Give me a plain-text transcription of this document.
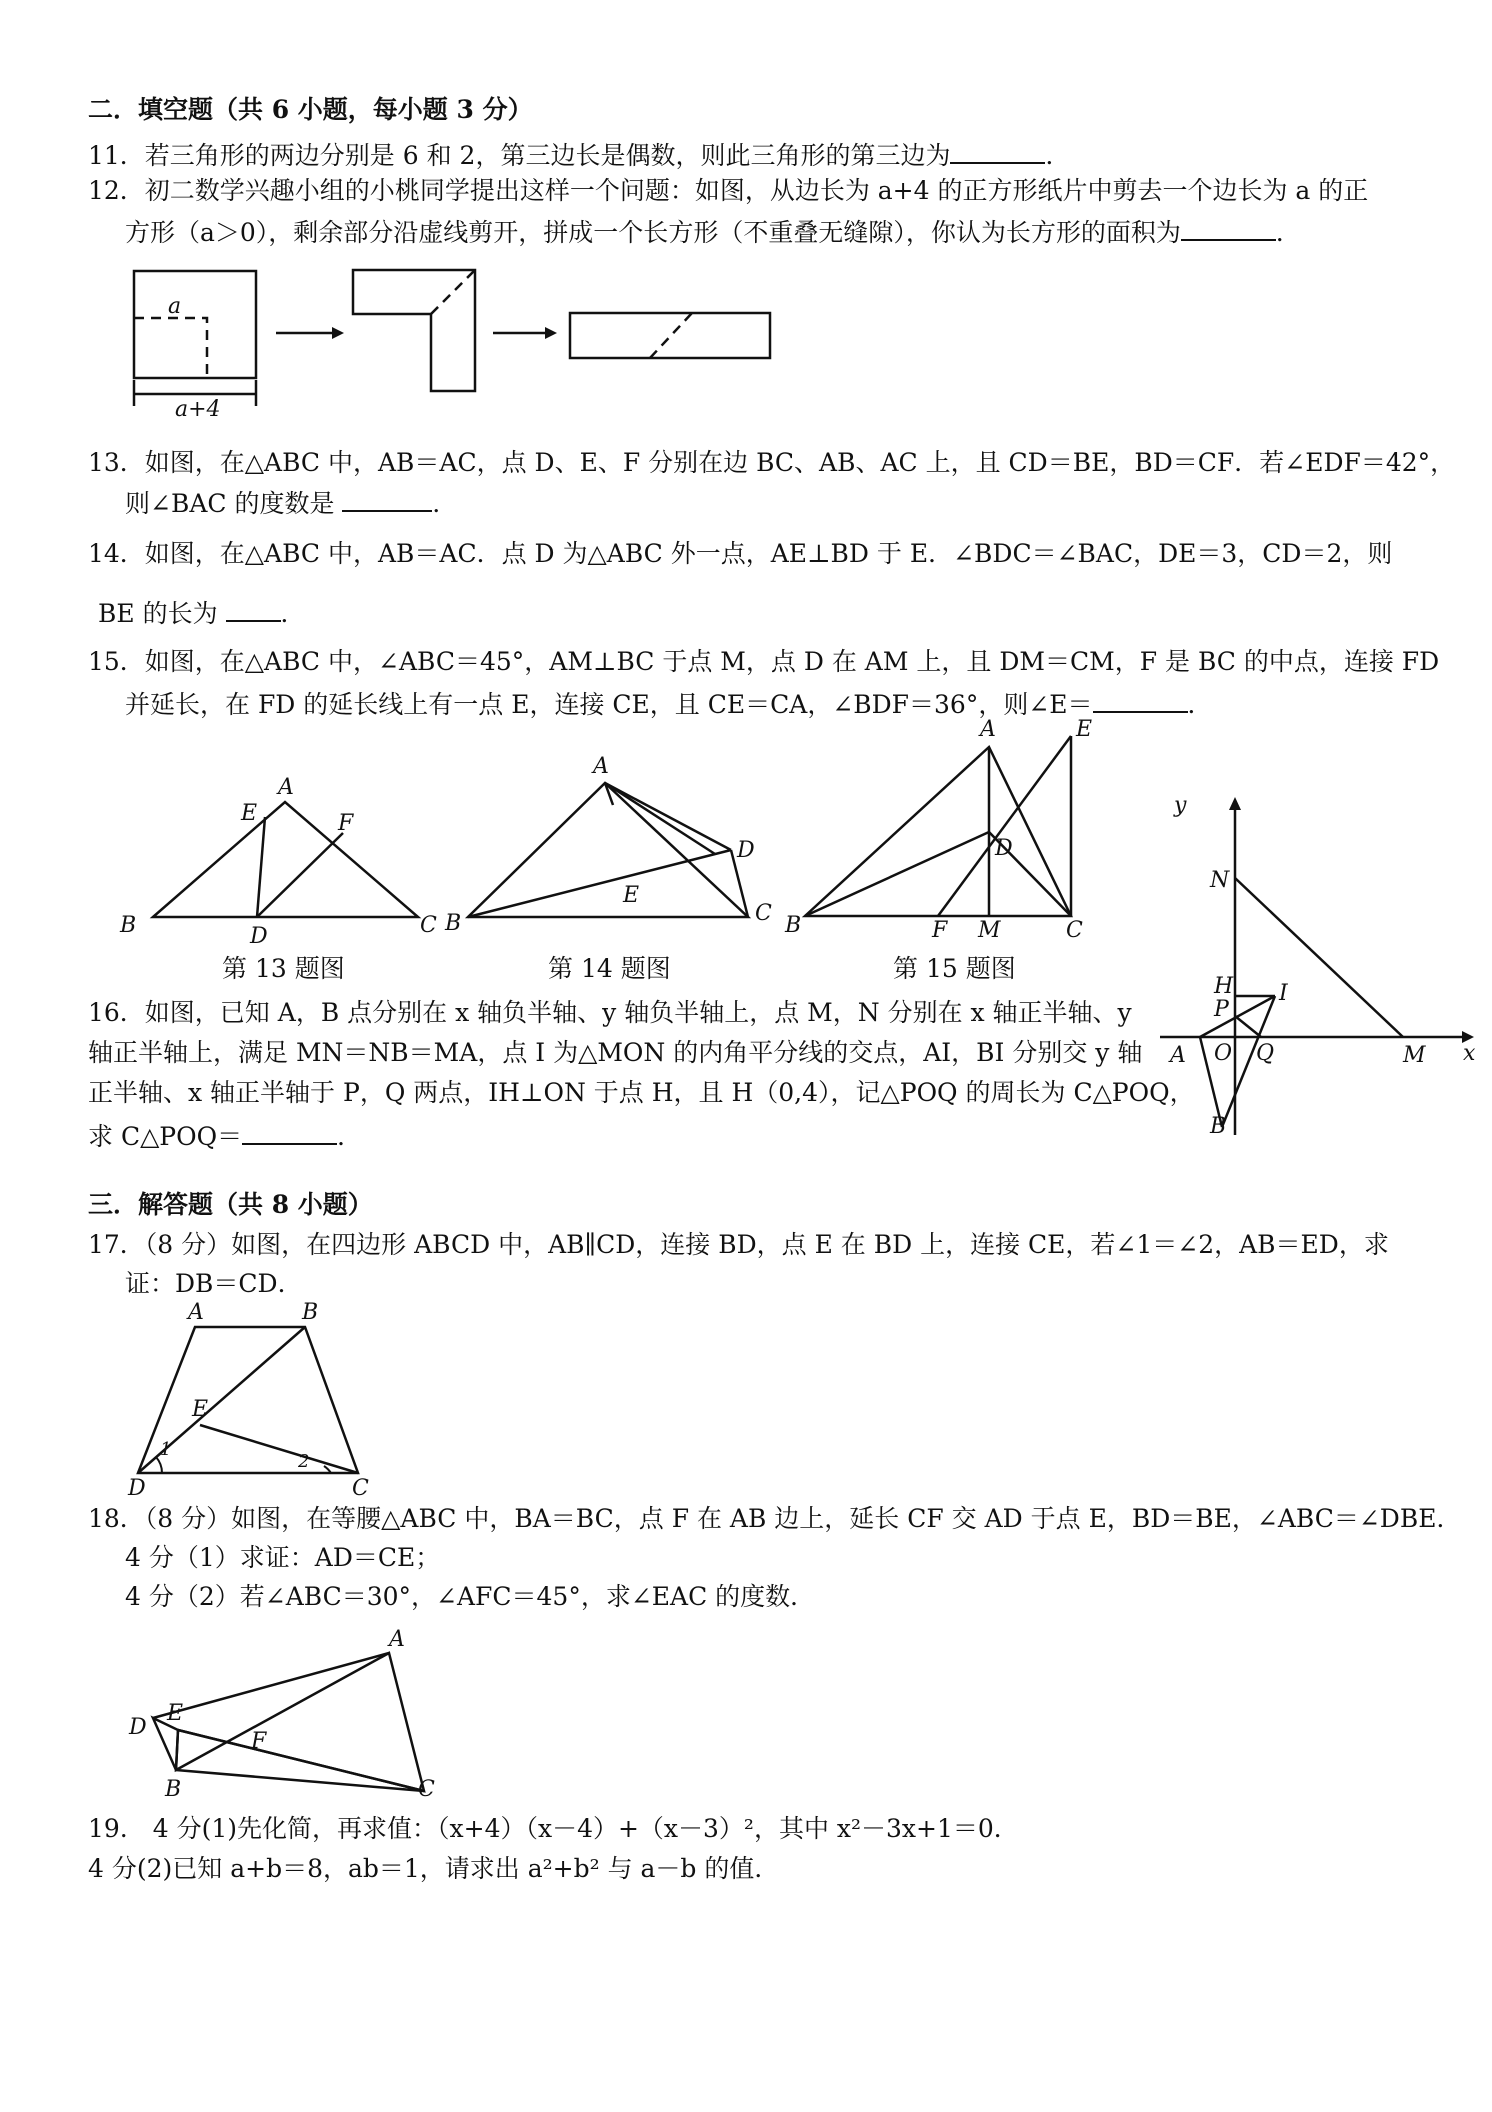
二．填空题（共 6 小题，每小题 3 分）
11．若三角形的两边分别是 6 和 2，第三边长是偶数，则此三角形的第三边为	．
12．初二数学兴趣小组的小桃同学提出这样一个问题：如图，从边长为 a+4 的正方形纸片中剪去一个边长为 a 的正
方形（a＞0），剩余部分沿虚线剪开，拼成一个长方形（不重叠无缝隙），你认为长方形的面积为	．
a
a+4
13．如图，在△ABC 中，AB＝AC，点 D、E、F 分别在边 BC、AB、AC 上，且 CD＝BE，BD＝CF．若∠EDF＝42°，
则∠BAC 的度数是	．
14．如图，在△ABC 中，AB＝AC．点 D 为△ABC 外一点，AE⊥BD 于 E．∠BDC＝∠BAC，DE＝3，CD＝2，则
BE 的长为	．
15．如图，在△ABC 中，∠ABC＝45°，AM⊥BC 于点 M，点 D 在 AM 上，且 DM＝CM，F 是 BC 的中点，连接 FD
并延长，在 FD 的延长线上有一点 E，连接 CE，且 CE＝CA，∠BDF＝36°，则∠E＝	．
B
A
E	F
D	C B
A
D
E
C B
A	E
D
F M	C
第 13 题图	第 14 题图	第 15 题图
y
x
N
H I
P
A O Q	M
B
16．如图，已知 A，B 点分别在 x 轴负半轴、y 轴负半轴上，点 M，N 分别在 x 轴正半轴、y
轴正半轴上，满足 MN＝NB＝MA，点 I 为△MON 的内角平分线的交点，AI，BI 分别交 y 轴
正半轴、x 轴正半轴于 P，Q 两点，IH⊥ON 于点 H，且 H（0,4），记△POQ 的周长为 C△POQ，
求 C△POQ＝	．
三．解答题（共 8 小题）
17．（8 分）如图，在四边形 ABCD 中，AB∥CD，连接 BD，点 E 在 BD 上，连接 CE，若∠1＝∠2，AB＝ED，求
证：DB＝CD．
A	B
E
1
2
D	C
18．（8 分）如图，在等腰△ABC 中，BA＝BC，点 F 在 AB 边上，延长 CF 交 AD 于点 E，BD＝BE，∠ABC＝∠DBE．
4 分（1）求证：AD＝CE；
4 分（2）若∠ABC＝30°，∠AFC＝45°，求∠EAC 的度数．
A
E
D
F
B	C
19.　4 分(1)先化简，再求值：（x+4）（x－4）+（x－3）²，其中 x²－3x+1＝0．
4 分(2)已知 a+b＝8，ab＝1，请求出 a²+b² 与 a－b 的值．
